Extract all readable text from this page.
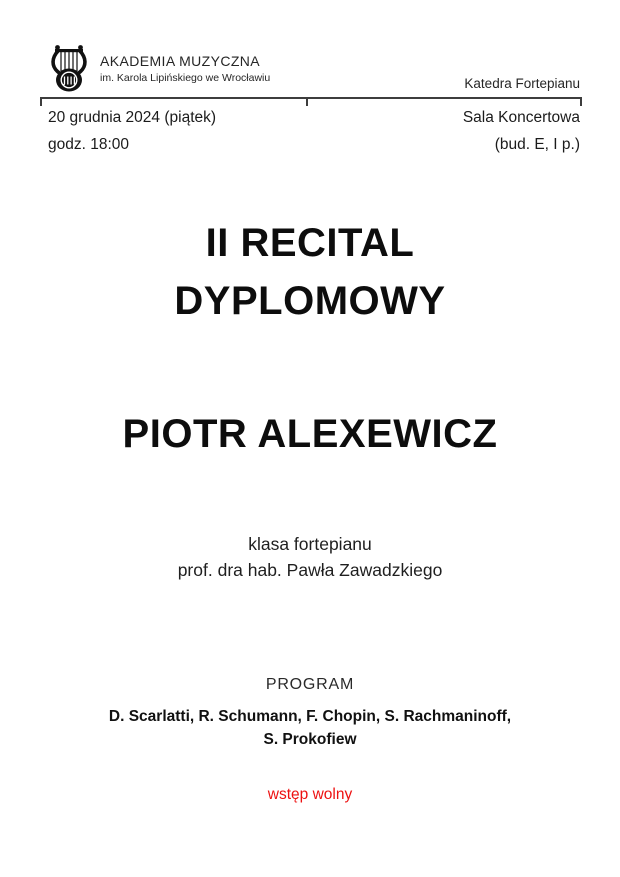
AKADEMIA MUZYCZNA
im. Karola Lipińskiego we Wrocławiu	Katedra Fortepianu
20 grudnia 2024 (piątek)
godz. 18:00
Sala Koncertowa
(bud. E, I p.)
II RECITAL
DYPLOMOWY
PIOTR ALEXEWICZ
klasa fortepianu
prof. dra hab. Pawła Zawadzkiego
PROGRAM
D. Scarlatti, R. Schumann, F. Chopin, S. Rachmaninoff,
S. Prokofiew
wstęp wolny
